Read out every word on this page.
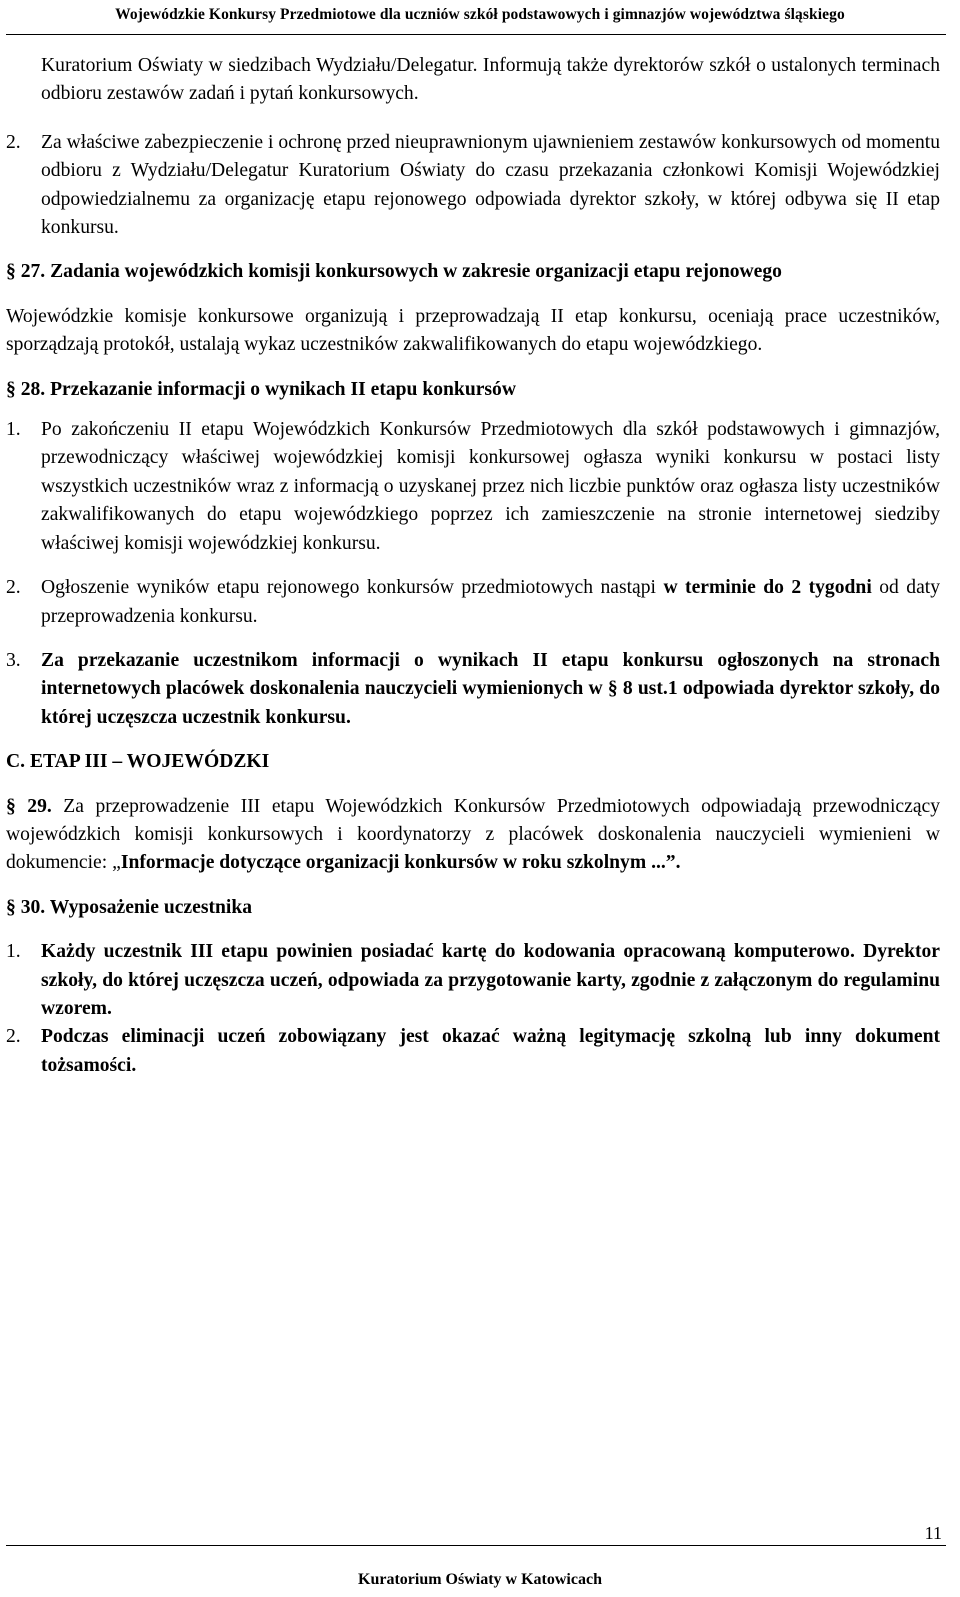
Wojewódzkie Konkursy Przedmiotowe dla uczniów szkół podstawowych i gimnazjów województwa śląskiego

Kuratorium Oświaty w siedzibach Wydziału/Delegatur. Informują także dyrektorów szkół o ustalonych terminach odbioru zestawów zadań i pytań konkursowych.

2. Za właściwe zabezpieczenie i ochronę przed nieuprawnionym ujawnieniem zestawów konkursowych od momentu odbioru z Wydziału/Delegatur Kuratorium Oświaty do czasu przekazania członkowi Komisji Wojewódzkiej odpowiedzialnemu za organizację etapu rejonowego odpowiada dyrektor szkoły, w której odbywa się II etap konkursu.

§ 27. Zadania wojewódzkich komisji konkursowych w zakresie organizacji etapu rejonowego

Wojewódzkie komisje konkursowe organizują i przeprowadzają II etap konkursu, oceniają prace uczestników, sporządzają protokół, ustalają wykaz uczestników zakwalifikowanych do etapu wojewódzkiego.

§ 28. Przekazanie informacji o wynikach II etapu konkursów

1. Po zakończeniu II etapu Wojewódzkich Konkursów Przedmiotowych dla szkół podstawowych i gimnazjów, przewodniczący właściwej wojewódzkiej komisji konkursowej ogłasza wyniki konkursu w postaci listy wszystkich uczestników wraz z informacją o uzyskanej przez nich liczbie punktów oraz ogłasza listy uczestników zakwalifikowanych do etapu wojewódzkiego poprzez ich zamieszczenie na stronie internetowej siedziby właściwej komisji wojewódzkiej konkursu.
2. Ogłoszenie wyników etapu rejonowego konkursów przedmiotowych nastąpi w terminie do 2 tygodni od daty przeprowadzenia konkursu.
3. Za przekazanie uczestnikom informacji o wynikach II etapu konkursu ogłoszonych na stronach internetowych placówek doskonalenia nauczycieli wymienionych w § 8 ust.1 odpowiada dyrektor szkoły, do której uczęszcza uczestnik konkursu.

C. ETAP III – WOJEWÓDZKI

§ 29. Za przeprowadzenie III etapu Wojewódzkich Konkursów Przedmiotowych odpowiadają przewodniczący wojewódzkich komisji konkursowych i koordynatorzy z placówek doskonalenia nauczycieli wymienieni w dokumencie: „Informacje dotyczące organizacji konkursów w roku szkolnym ...”.

§ 30. Wyposażenie uczestnika

1. Każdy uczestnik III etapu powinien posiadać kartę do kodowania opracowaną komputerowo. Dyrektor szkoły, do której uczęszcza uczeń, odpowiada za przygotowanie karty, zgodnie z załączonym do regulaminu wzorem.
2. Podczas eliminacji uczeń zobowiązany jest okazać ważną legitymację szkolną lub inny dokument tożsamości.
11
Kuratorium Oświaty w Katowicach
